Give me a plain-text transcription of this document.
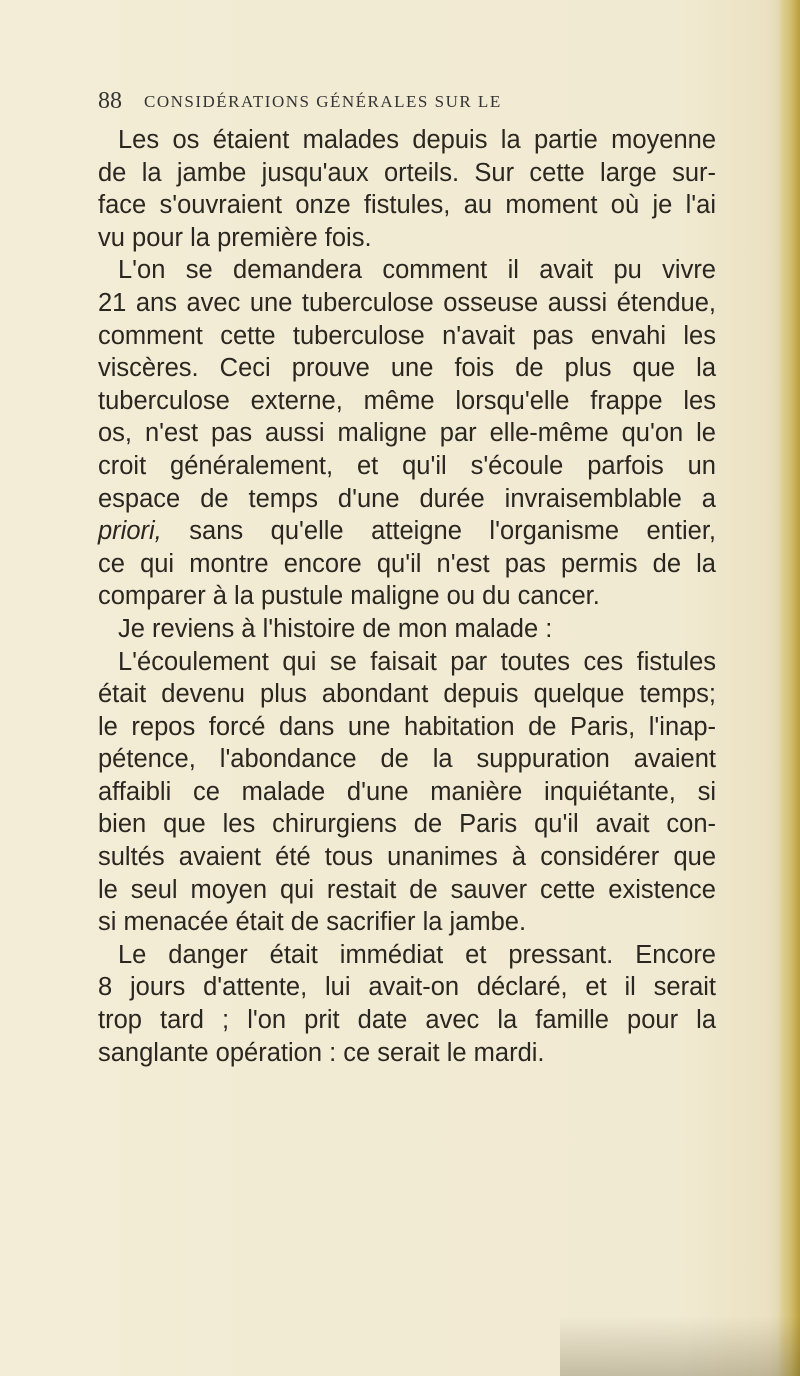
88 CONSIDÉRATIONS GÉNÉRALES SUR LE
Les os étaient malades depuis la partie moyenne
de la jambe jusqu'aux orteils. Sur cette large sur-
face s'ouvraient onze fistules, au moment où je l'ai
vu pour la première fois.
L'on se demandera comment il avait pu vivre
21 ans avec une tuberculose osseuse aussi étendue,
comment cette tuberculose n'avait pas envahi les
viscères. Ceci prouve une fois de plus que la
tuberculose externe, même lorsqu'elle frappe les
os, n'est pas aussi maligne par elle-même qu'on le
croit généralement, et qu'il s'écoule parfois un
espace de temps d'une durée invraisemblable a
priori, sans qu'elle atteigne l'organisme entier,
ce qui montre encore qu'il n'est pas permis de la
comparer à la pustule maligne ou du cancer.
Je reviens à l'histoire de mon malade :
L'écoulement qui se faisait par toutes ces fistules
était devenu plus abondant depuis quelque temps;
le repos forcé dans une habitation de Paris, l'inap-
pétence, l'abondance de la suppuration avaient
affaibli ce malade d'une manière inquiétante, si
bien que les chirurgiens de Paris qu'il avait con-
sultés avaient été tous unanimes à considérer que
le seul moyen qui restait de sauver cette existence
si menacée était de sacrifier la jambe.
Le danger était immédiat et pressant. Encore
8 jours d'attente, lui avait-on déclaré, et il serait
trop tard ; l'on prit date avec la famille pour la
sanglante opération : ce serait le mardi.
